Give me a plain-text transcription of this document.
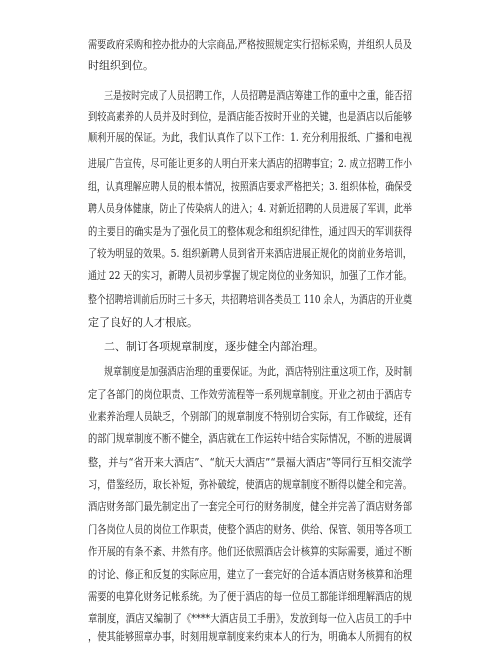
需要政府采购和控办批办的大宗商品,严格按照规定实行招标采购，并组织人员及
时组织到位。
三是按时完成了人员招聘工作，人员招聘是酒店筹建工作的重中之重，能否招
到较高素养的人员并及时到位，是酒店能否按时开业的关键，也是酒店以后能够
顺利开展的保证。为此，我们认真作了以下工作：1. 充分利用报纸、广播和电视
进展广告宣传，尽可能让更多的人明白开来大酒店的招聘事宜；2. 成立招聘工作小
组，认真理解应聘人员的根本情况，按照酒店要求严格把关；3. 组织体检，确保受
聘人员身体健康，防止了传染病人的进入；4. 对新近招聘的人员进展了军训，此举
的主要目的确实是为了强化员工的整体观念和组织纪律性，通过四天的军训获得
了较为明显的效果。5. 组织新聘人员到省开来酒店进展正规化的岗前业务培训，
通过 22 天的实习，新聘人员初步掌握了规定岗位的业务知识，加强了工作才能。
整个招聘培训前后历时三十多天，共招聘培训各类员工 110 余人，为酒店的开业奠
定了良好的人才根底。
二、制订各项规章制度，逐步健全内部治理。
规章制度是加强酒店治理的重要保证。为此，酒店特别注重这项工作，及时制
定了各部门的岗位职责、工作效劳流程等一系列规章制度。开业之初由于酒店专
业素养治理人员缺乏，个别部门的规章制度不特别切合实际，有工作破绽，还有
的部门规章制度不断不健全，酒店就在工作运转中结合实际情况，不断的进展调
整，并与“省开来大酒店”、“航天大酒店”“景福大酒店”等同行互相交流学
习，借鉴经历，取长补短，弥补破绽，使酒店的规章制度不断得以健全和完善。
酒店财务部门最先制定出了一套完全可行的财务制度，健全并完善了酒店财务部
门各岗位人员的岗位工作职责，使整个酒店的财务、供给、保管、领用等各项工
作开展的有条不紊、井然有序。他们还依照酒店会计核算的实际需要，通过不断
的讨论、修正和反复的实际应用，建立了一套完好的合适本酒店财务核算和治理
需要的电算化财务记帐系统。为了便于酒店的每一位员工都能详细理解酒店的规
章制度，酒店又编制了《****大酒店员工手册》，发放到每一位入店员工的手中
，使其能够照章办事，时刻用规章制度来约束本人的行为，明确本人所拥有的权
